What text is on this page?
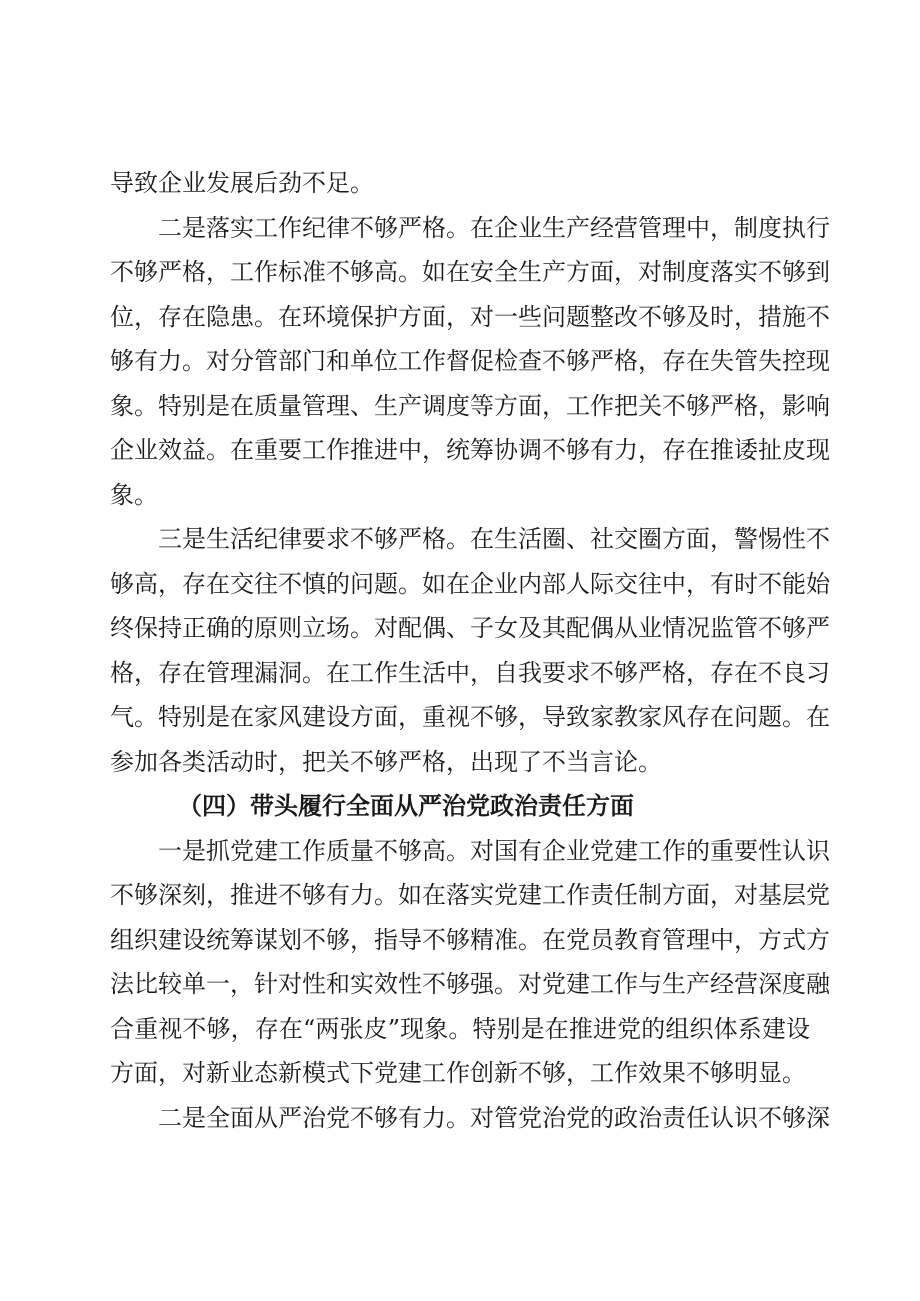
导致企业发展后劲不足。
二是落实工作纪律不够严格。在企业生产经营管理中，制度执行
不够严格，工作标准不够高。如在安全生产方面，对制度落实不够到
位，存在隐患。在环境保护方面，对一些问题整改不够及时，措施不
够有力。对分管部门和单位工作督促检查不够严格，存在失管失控现
象。特别是在质量管理、生产调度等方面，工作把关不够严格，影响
企业效益。在重要工作推进中，统筹协调不够有力，存在推诿扯皮现
象。
三是生活纪律要求不够严格。在生活圈、社交圈方面，警惕性不
够高，存在交往不慎的问题。如在企业内部人际交往中，有时不能始
终保持正确的原则立场。对配偶、子女及其配偶从业情况监管不够严
格，存在管理漏洞。在工作生活中，自我要求不够严格，存在不良习
气。特别是在家风建设方面，重视不够，导致家教家风存在问题。在
参加各类活动时，把关不够严格，出现了不当言论。
（四）带头履行全面从严治党政治责任方面
一是抓党建工作质量不够高。对国有企业党建工作的重要性认识
不够深刻，推进不够有力。如在落实党建工作责任制方面，对基层党
组织建设统筹谋划不够，指导不够精准。在党员教育管理中，方式方
法比较单一，针对性和实效性不够强。对党建工作与生产经营深度融
合重视不够，存在“两张皮”现象。特别是在推进党的组织体系建设
方面，对新业态新模式下党建工作创新不够，工作效果不够明显。
二是全面从严治党不够有力。对管党治党的政治责任认识不够深
